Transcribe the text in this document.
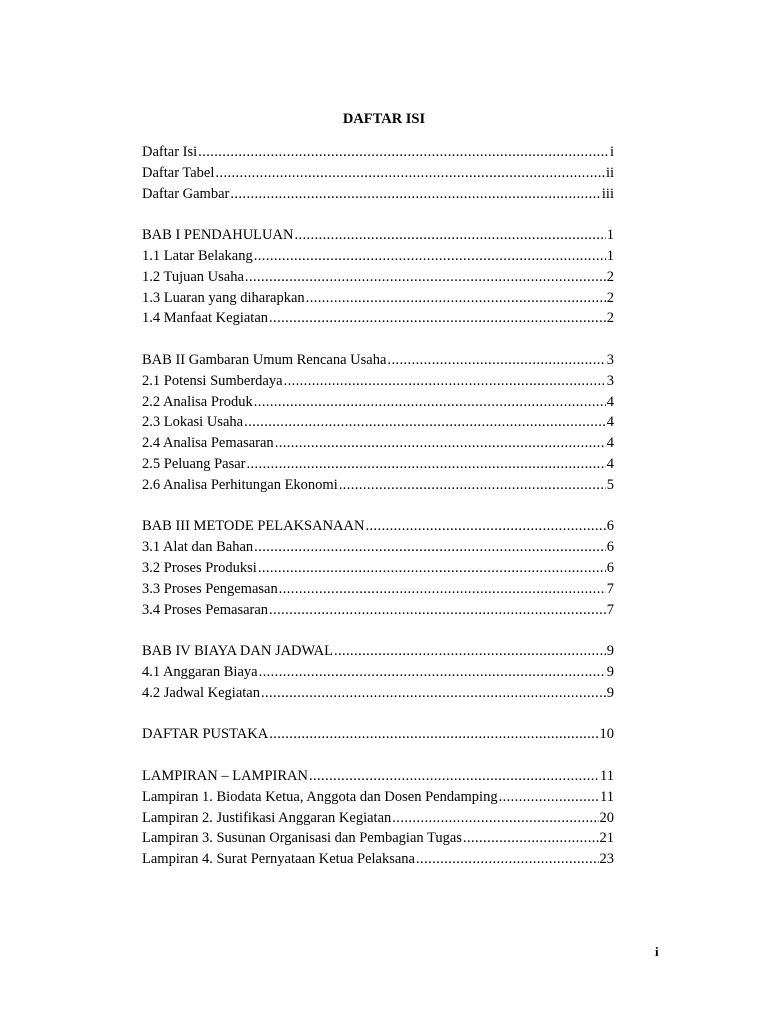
DAFTAR ISI
Daftar Isi .....	i
Daftar Tabel .....	ii
Daftar Gambar .....	iii
BAB I PENDAHULUAN .....	1
1.1 Latar Belakang .....	1
1.2 Tujuan Usaha .....	2
1.3 Luaran yang diharapkan .....	2
1.4 Manfaat Kegiatan .....	2
BAB II Gambaran Umum Rencana Usaha .....	3
2.1 Potensi Sumberdaya .....	3
2.2 Analisa Produk .....	4
2.3 Lokasi Usaha .....	4
2.4 Analisa Pemasaran .....	4
2.5 Peluang Pasar .....	4
2.6 Analisa Perhitungan Ekonomi .....	5
BAB III METODE PELAKSANAAN .....	6
3.1 Alat dan Bahan .....	6
3.2 Proses Produksi .....	6
3.3 Proses Pengemasan .....	7
3.4 Proses Pemasaran .....	7
BAB IV BIAYA DAN JADWAL .....	9
4.1 Anggaran Biaya .....	9
4.2 Jadwal Kegiatan .....	9
DAFTAR PUSTAKA .....	10
LAMPIRAN – LAMPIRAN .....	11
Lampiran 1. Biodata Ketua, Anggota dan Dosen Pendamping .....	11
Lampiran 2. Justifikasi Anggaran Kegiatan .....	20
Lampiran 3. Susunan Organisasi dan Pembagian Tugas .....	21
Lampiran 4. Surat Pernyataan Ketua Pelaksana .....	23
i
